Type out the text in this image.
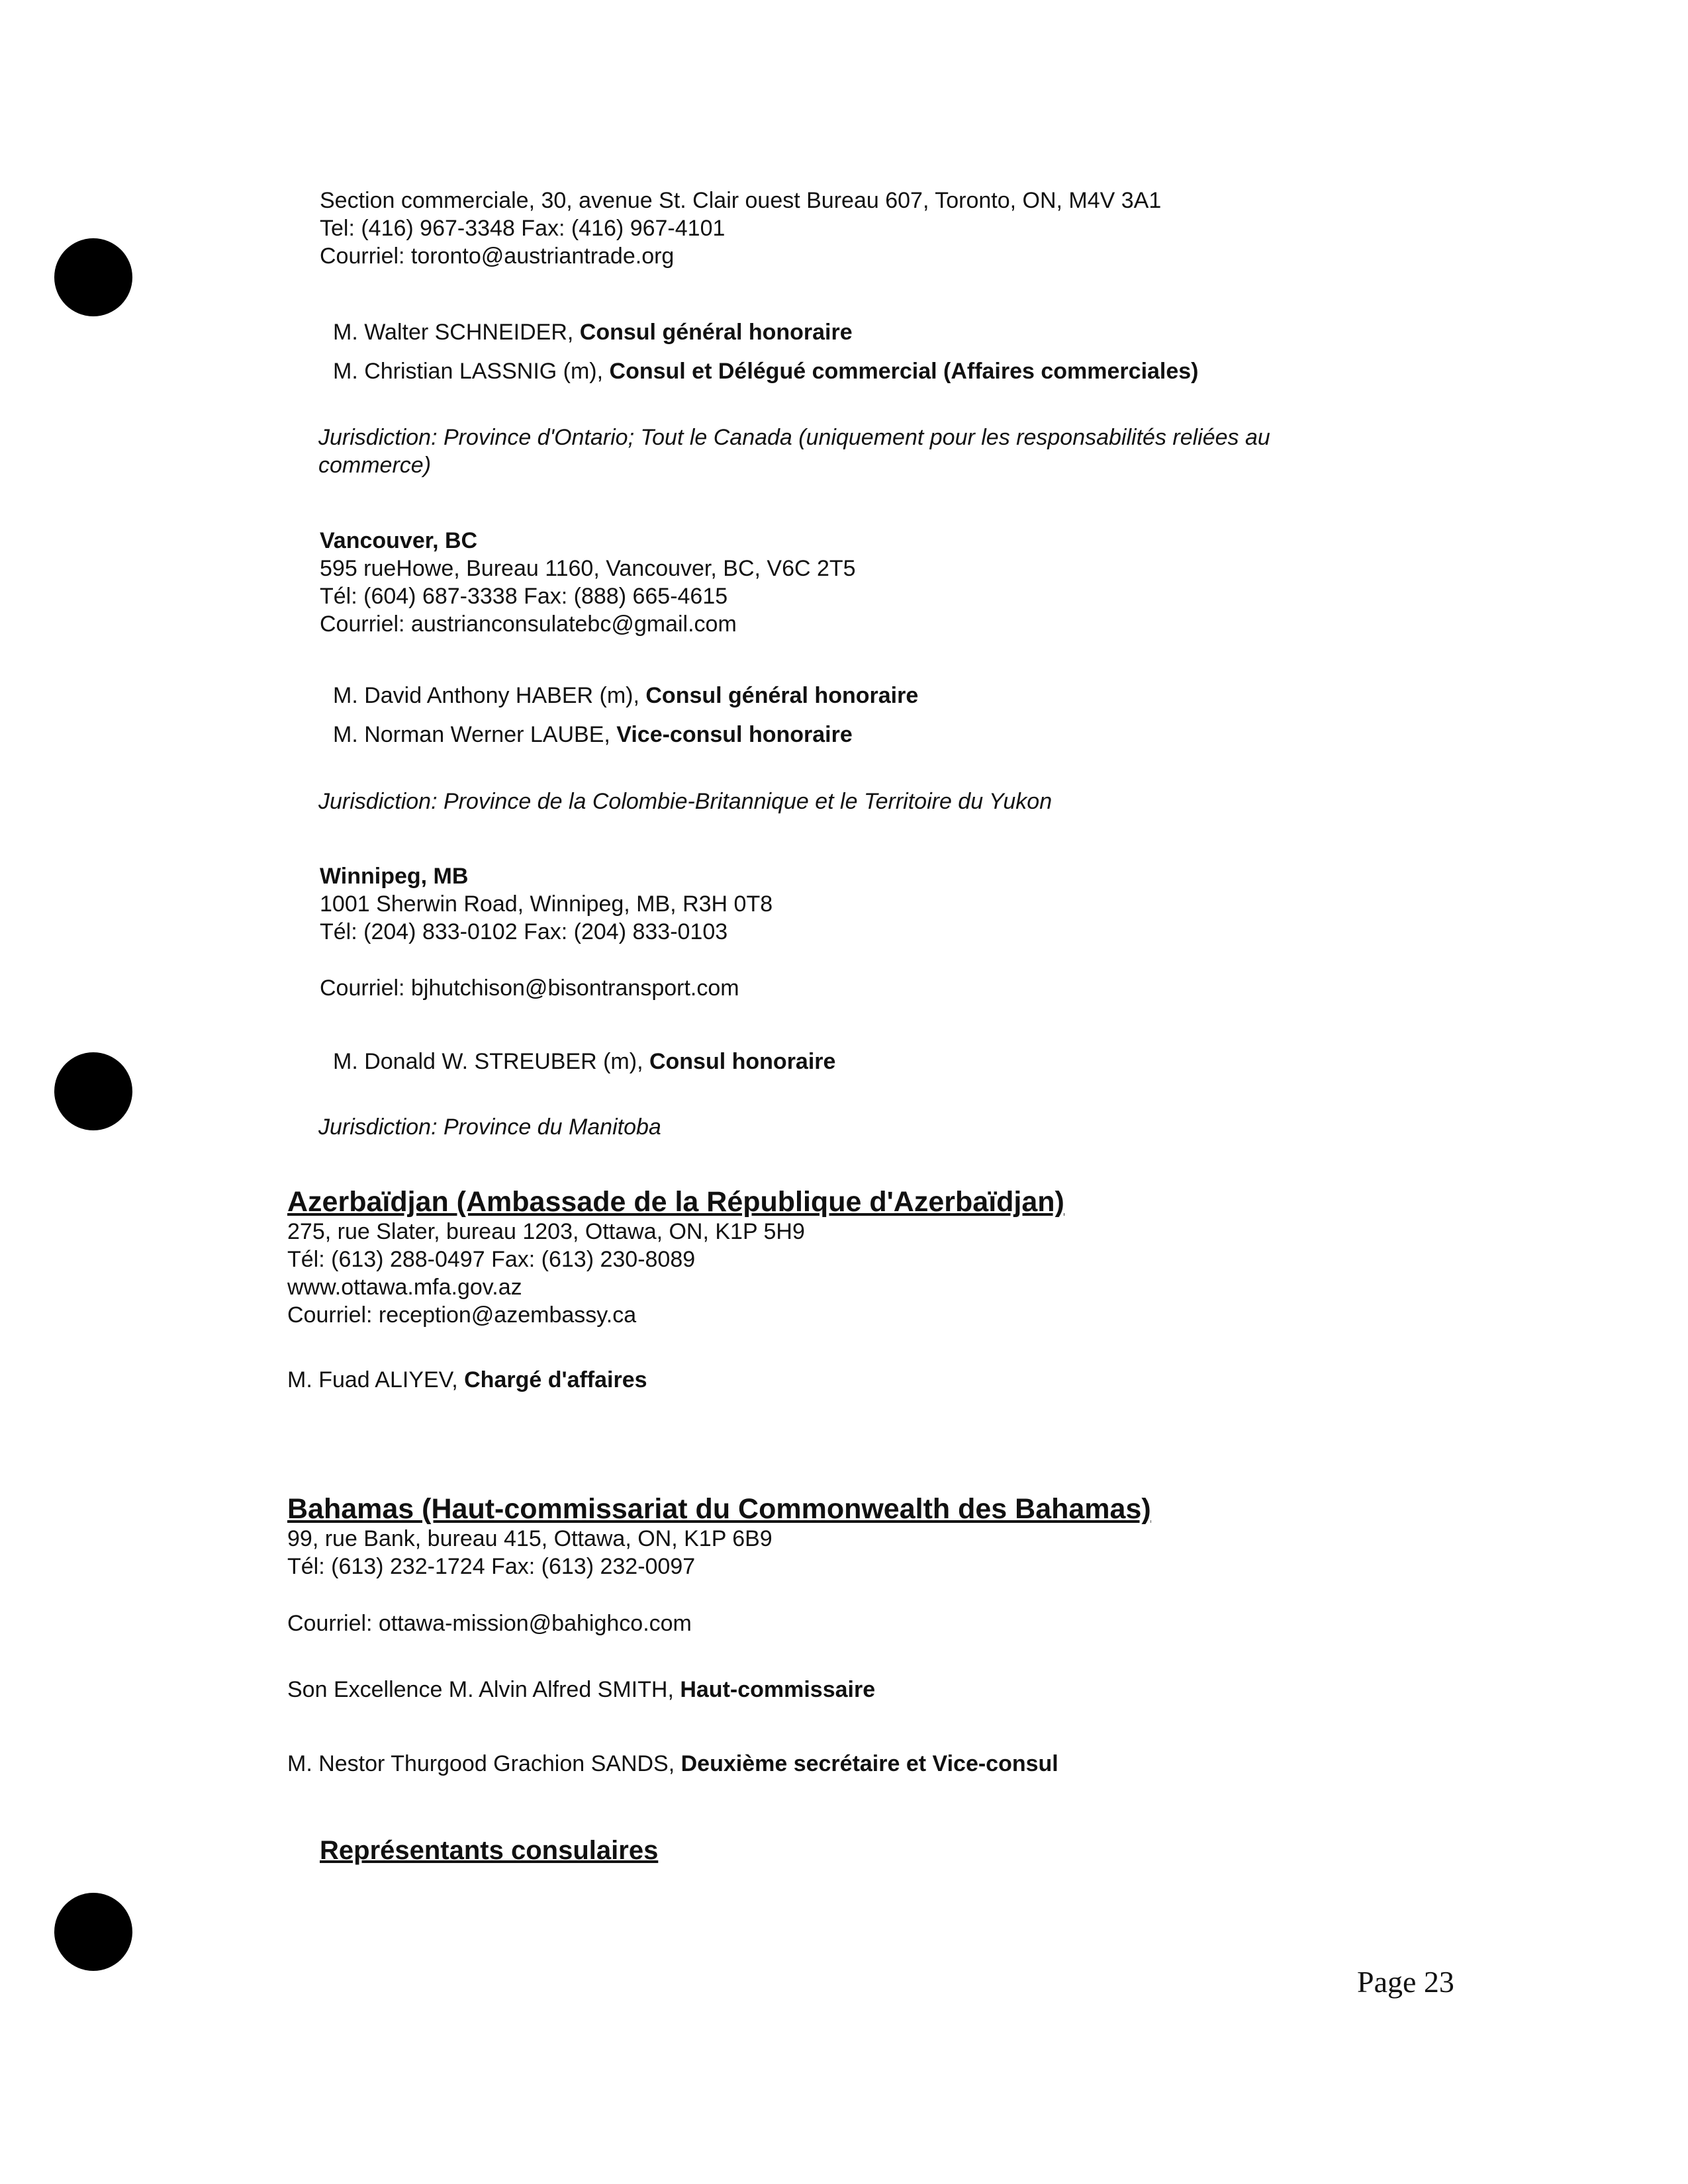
Section commerciale, 30, avenue St. Clair ouest Bureau 607, Toronto, ON, M4V 3A1
Tel: (416) 967-3348 Fax: (416) 967-4101
Courriel: toronto@austriantrade.org
M. Walter SCHNEIDER, Consul général honoraire
M. Christian LASSNIG (m), Consul et Délégué commercial (Affaires commerciales)
Jurisdiction: Province d'Ontario; Tout le Canada (uniquement pour les responsabilités reliées au
commerce)
Vancouver, BC
595 rueHowe, Bureau 1160, Vancouver, BC, V6C 2T5
Tél: (604) 687-3338 Fax: (888) 665-4615
Courriel: austrianconsulatebc@gmail.com
M. David Anthony HABER (m), Consul général honoraire
M. Norman Werner LAUBE, Vice-consul honoraire
Jurisdiction: Province de la Colombie-Britannique et le Territoire du Yukon
Winnipeg, MB
1001 Sherwin Road, Winnipeg, MB, R3H 0T8
Tél: (204) 833-0102 Fax: (204) 833-0103
Courriel: bjhutchison@bisontransport.com
M. Donald W. STREUBER (m), Consul honoraire
Jurisdiction: Province du Manitoba
Azerbaïdjan (Ambassade de la République d'Azerbaïdjan)
275, rue Slater, bureau 1203, Ottawa, ON, K1P 5H9
Tél: (613) 288-0497 Fax: (613) 230-8089
www.ottawa.mfa.gov.az
Courriel: reception@azembassy.ca
M. Fuad ALIYEV, Chargé d'affaires
Bahamas (Haut-commissariat du Commonwealth des Bahamas)
99, rue Bank, bureau 415, Ottawa, ON, K1P 6B9
Tél: (613) 232-1724 Fax: (613) 232-0097
Courriel: ottawa-mission@bahighco.com
Son Excellence M. Alvin Alfred SMITH, Haut-commissaire
M. Nestor Thurgood Grachion SANDS, Deuxième secrétaire et Vice-consul
Représentants consulaires
Page 23
